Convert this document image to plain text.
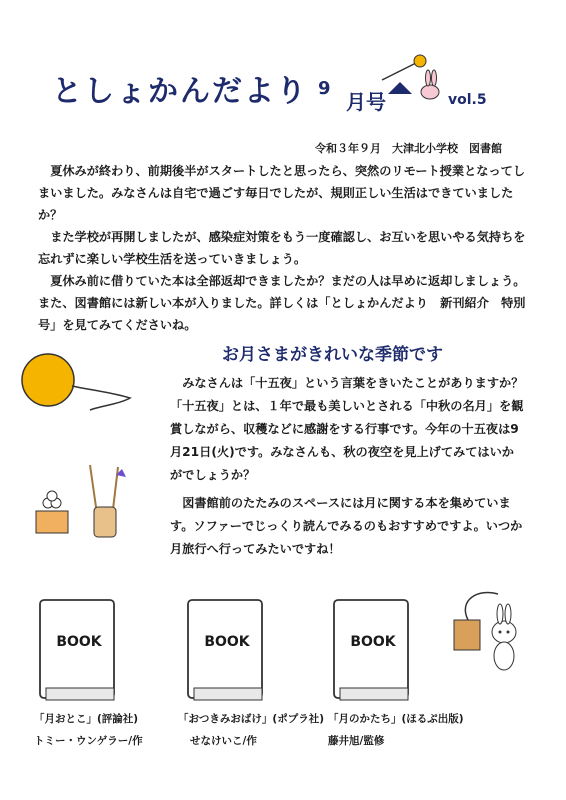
としょかんだより 9
月号	vol.5
令和３年９月　大津北小学校　図書館

夏休みが終わり、前期後半がスタートしたと思ったら、突然のリモート授業となってしまいました。みなさんは自宅で過ごす毎日でしたが、規則正しい生活はできていましたか？

また学校が再開しましたが、感染症対策をもう一度確認し、お互いを思いやる気持ちを忘れずに楽しい学校生活を送っていきましょう。

夏休み前に借りていた本は全部返却できましたか？まだの人は早めに返却しましょう。また、図書館には新しい本が入りました。詳しくは「としょかんだより　新刊紹介　特別号」を見てみてくださいね。

お月さまがきれいな季節です

みなさんは「十五夜」という言葉をきいたことがありますか？「十五夜」とは、１年で最も美しいとされる「中秋の名月」を観賞しながら、収穫などに感謝をする行事です。今年の十五夜は9月21日(火)です。みなさんも、秋の夜空を見上げてみてはいかがでしょうか？

図書館前のたたみのスペースには月に関する本を集めています。ソファーでじっくり読んでみるのもおすすめですよ。いつか月旅行へ行ってみたいですね！

BOOK	BOOK	BOOK
「月おとこ」(評論社)
トミー・ウンゲラー/作
「おつきみおばけ」(ポプラ社)
せなけいこ/作
「月のかたち」(ほるぷ出版)
藤井旭/監修
